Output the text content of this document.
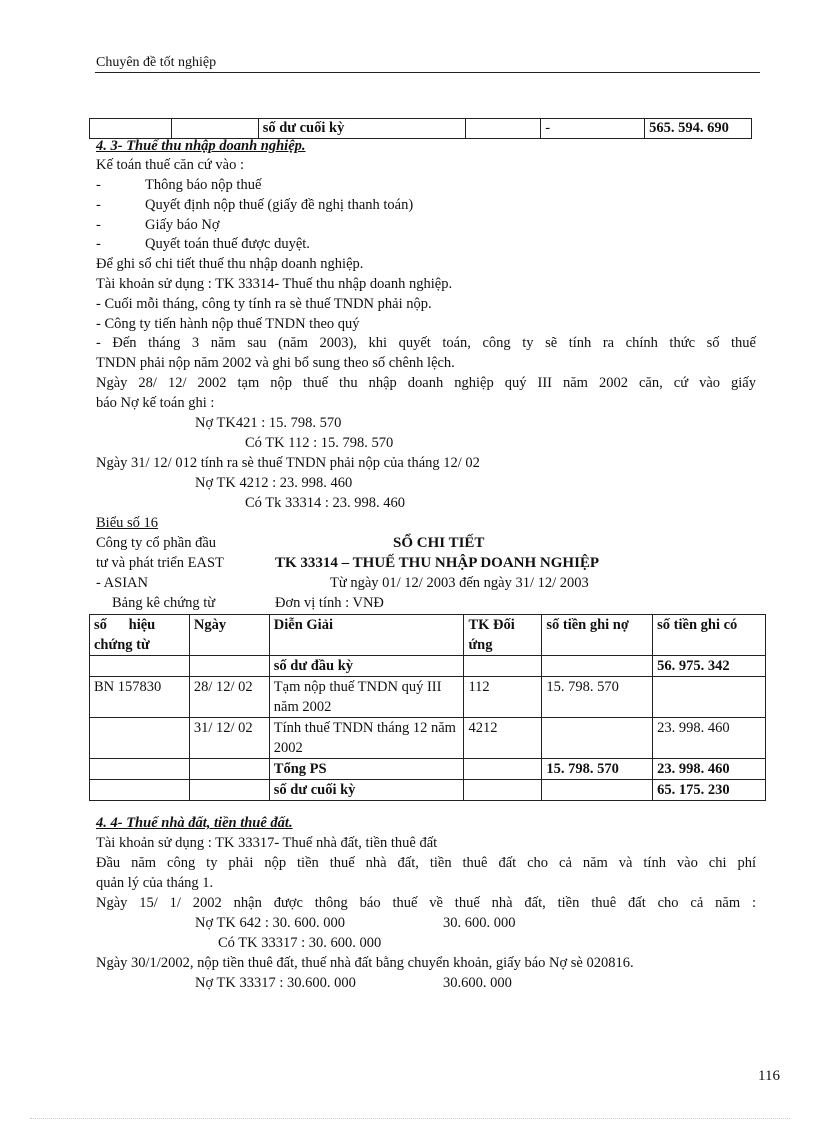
Chuyên đề tốt nghiệp
		số dư cuối kỳ		-	565. 594. 690
4. 3- Thuế thu nhập doanh nghiệp.
Kế toán thuế căn cứ vào :
-	Thông báo nộp thuế
-	Quyết định nộp thuế (giấy đề nghị thanh toán)
-	Giấy báo Nợ
-	Quyết toán thuế được duyệt.
Để ghi sổ chi tiết thuế thu nhập doanh nghiệp.
Tài khoản sử dụng : TK 33314- Thuế thu nhập doanh nghiệp.
- Cuối mỗi tháng, công ty tính ra sè thuế TNDN phải nộp.
- Công ty tiến hành nộp thuế TNDN theo quý
- Đến tháng 3 năm sau (năm 2003), khi quyết toán, công ty sẽ tính ra chính thức số thuế
TNDN phải nộp năm 2002 và ghi bổ sung theo số chênh lệch.
Ngày 28/ 12/ 2002 tạm nộp thuế thu nhập doanh nghiệp quý III năm 2002 căn, cứ vào giấy
báo Nợ kế toán ghi :
Nợ TK421 : 15. 798. 570
Có TK 112 : 15. 798. 570
Ngày 31/ 12/ 012 tính ra sè thuế TNDN phải nộp của tháng 12/ 02
Nợ TK 4212 : 23. 998. 460
Có Tk 33314 : 23. 998. 460
Biểu số 16
Công ty cổ phần đầu
tư và phát triển EAST
- ASIAN
Bảng kê chứng từ
SỔ CHI TIẾT
TK 33314 – THUẾ THU NHẬP DOANH NGHIỆP
Từ ngày 01/ 12/ 2003 đến ngày 31/ 12/ 2003
Đơn vị tính : VNĐ
số      hiệu chứng từ	Ngày	Diễn Giải	TK Đối ứng	số tiền ghi nợ	số tiền ghi có
		số dư đầu kỳ			56. 975. 342
BN 157830	28/ 12/ 02	Tạm nộp thuế TNDN quý III năm 2002	112	15. 798. 570	
	31/ 12/ 02	Tính thuế TNDN tháng 12 năm 2002	4212		23. 998. 460
		Tổng PS		15. 798. 570	23. 998. 460
		số dư cuối kỳ			65. 175. 230
4. 4- Thuế nhà đất, tiền thuê đất.
Tài khoản sử dụng : TK 33317- Thuế nhà đất, tiền thuê đất
Đầu năm công ty phải nộp tiền thuế nhà đất, tiền thuê đất cho cả năm và tính vào chi phí
quản lý của tháng 1.
Ngày 15/ 1/ 2002 nhận được thông báo thuế về thuế nhà đất, tiền thuê đất cho cả năm :
Nợ TK 642 : 30. 600. 000	30. 600. 000
Có TK 33317 : 30. 600. 000
Ngày 30/1/2002, nộp tiền thuê đất, thuế nhà đất bằng chuyển khoản, giấy báo Nợ sè 020816.
Nợ TK 33317 : 30.600. 000	30.600. 000
116
